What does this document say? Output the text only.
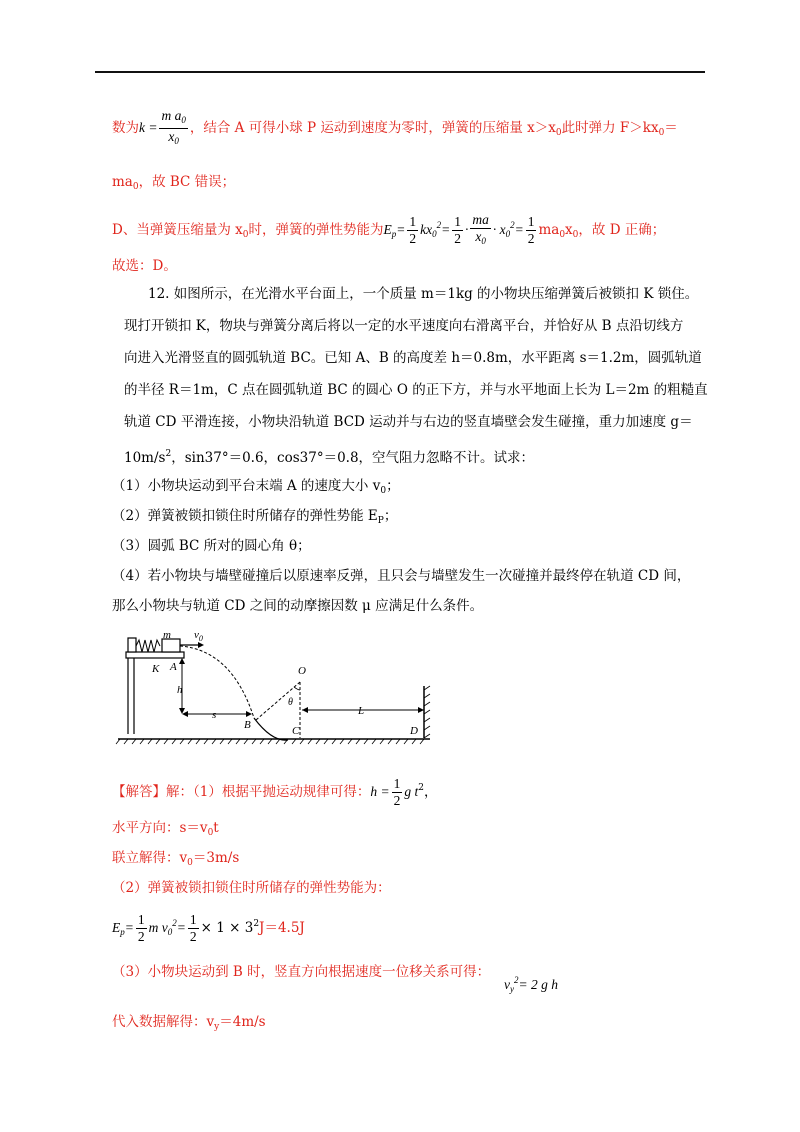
数为$k = \frac{m a_0}{x_0}$ ，结合 A 可得小球 P 运动到速度为零时，弹簧的压缩量 $x>x_0$此时弹力 $F>kx_0=$
$ma_0$，故 BC 错误；
D、当弹簧压缩量为 $x_0$时，弹簧的弹性势能为$E_p= \frac{1}{2} kx_0^2= \frac{1}{2} \cdot \frac{ma}{x_0} \cdot x_0^2= \frac{1}{2} ma_0x_0$，故 D 正确；
故选：D。
12. 如图所示，在光滑水平台面上，一个质量 m＝1kg 的小物块压缩弹簧后被锁扣 K 锁住。
现打开锁扣 K，物块与弹簧分离后将以一定的水平速度向右滑离平台，并恰好从 B 点沿切线方
向进入光滑竖直的圆弧轨道 BC。已知 A、B 的高度差 h＝0.8m，水平距离 s＝1.2m，圆弧轨道
的半径 R＝1m，C 点在圆弧轨道 BC 的圆心 O 的正下方，并与水平地面上长为 L＝2m 的粗糙直
轨道 CD 平滑连接，小物块沿轨道 BCD 运动并与右边的竖直墙壁会发生碰撞，重力加速度 g＝
$10m/s^2$，sin37°＝0.6，cos37°＝0.8，空气阻力忽略不计。试求：
（1）小物块运动到平台末端 A 的速度大小 $v_0$；
（2）弹簧被锁扣锁住时所储存的弹性势能 $E_P$；
（3）圆弧 BC 所对的圆心角 θ；
（4）若小物块与墙壁碰撞后以原速率反弹，且只会与墙壁发生一次碰撞并最终停在轨道 CD 间，
那么小物块与轨道 CD 之间的动摩擦因数 μ 应满足什么条件。
m $v_0$
K A
h
s
B
O
θ
C
L
D
【解答】解：（1）根据平抛运动规律可得：$h = \frac{1}{2}$ g $t^2$，
水平方向：$s=v_0t$
联立解得：$v_0=3m/s$
（2）弹簧被锁扣锁住时所储存的弹性势能为：
$E_p= \frac{1}{2}$ m $v_0^2= \frac{1}{2} \times 1 \times 3^2J=4.5J$
（3）小物块运动到 B 时，竖直方向根据速度一位移关系可得：
$v_y^2= 2$ g h
代入数据解得：$v_y=4m/s$
